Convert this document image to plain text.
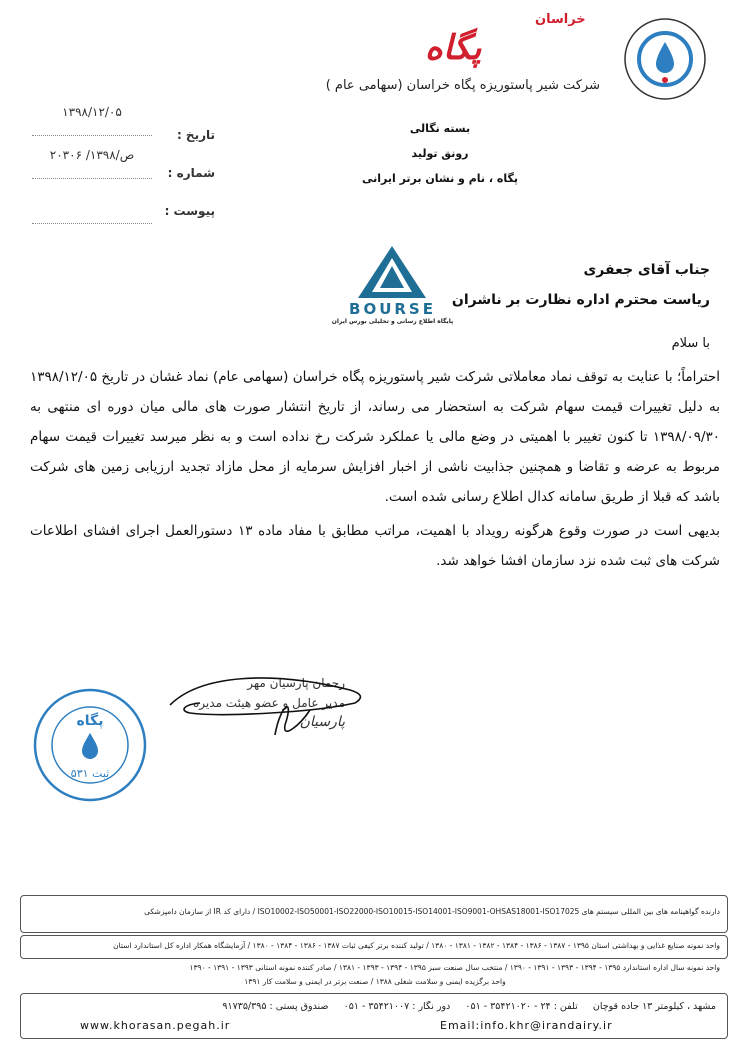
خراسان
پگاه
شرکت شیر پاستوریزه پگاه خراسان (سهامی عام )
تاریخ :
شماره :
پیوست :
۱۳۹۸/۱۲/۰۵
۲۰۳۰۶ /ص/۱۳۹۸
بسته نگالی
رونق تولید
پگاه ، نام و نشان برتر ایرانی
BOURSE
پایگاه اطلاع رسانی و تحلیلی بورس ایران
جناب آقای جعفری
ریاست محترم اداره نظارت بر ناشران
با سلام

احتراماً؛ با عنایت به توقف نماد معاملاتی شرکت شیر پاستوریزه پگاه خراسان (سهامی عام) نماد غشان در تاریخ ۱۳۹۸/۱۲/۰۵ به دلیل تغییرات قیمت سهام شرکت به استحضار می رساند، از تاریخ انتشار صورت های مالی میان دوره ای منتهی به ۱۳۹۸/۰۹/۳۰ تا کنون تغییر با اهمیتی در وضع مالی یا عملکرد شرکت رخ نداده است و به نظر میرسد تغییرات قیمت سهام مربوط به عرضه و تقاضا و همچنین جذابیت ناشی از اخبار افزایش سرمایه از محل مازاد تجدید ارزیابی زمین های شرکت باشد که قبلا از طریق سامانه کدال اطلاع رسانی شده است.

بدیهی است در صورت وقوع هرگونه رویداد با اهمیت، مراتب مطابق با مفاد ماده ۱۳ دستورالعمل اجرای افشای اطلاعات شرکت های ثبت شده نزد سازمان افشا خواهد شد.

رحمان پارسیان مهر
مدیر عامل و عضو هیئت مدیره
پارسیان
پگاه
ثبت ۵۳۱
دارنده گواهینامه های بین المللی سیستم های ISO10002-ISO50001-ISO22000-ISO10015-ISO14001-ISO9001-OHSAS18001-ISO17025 / دارای کد IR از سازمان دامپزشکی
واحد نمونه صنایع غذایی و بهداشتی استان ۱۳۹۵ - ۱۳۸۷ - ۱۳۸۶ - ۱۳۸۴ - ۱۳۸۲ - ۱۳۸۱ - ۱۳۸۰ / تولید کننده برتر کیفی ثبات ۱۳۸۷ - ۱۳۸۶ - ۱۳۸۴ - ۱۳۸۰ / آزمایشگاه همکار اداره کل استاندارد استان
واحد نمونه سال اداره استاندارد ۱۳۹۵ - ۱۳۹۴ - ۱۳۹۳ - ۱۳۹۱ - ۱۳۹۰ / منتخب سال صنعت سبز ۱۳۹۵ - ۱۳۹۴ - ۱۳۹۳ - ۱۳۸۱ / صادر کننده نمونه استانی ۱۳۹۳ - ۱۳۹۱ - ۱۳۹۰
واحد برگزیده ایمنی و سلامت شغلی ۱۳۸۸ / صنعت برتر در ایمنی و سلامت کار ۱۳۹۱
مشهد ، کیلومتر ۱۳ جاده قوچان     تلفن : ۲۴ - ۳۵۴۲۱۰۲۰ - ۰۵۱     دور نگار : ۳۵۴۲۱۰۰۷ - ۰۵۱     صندوق پستی : ۹۱۷۳۵/۳۹۵
www.khorasan.pegah.ir	Email:info.khr@irandairy.ir
